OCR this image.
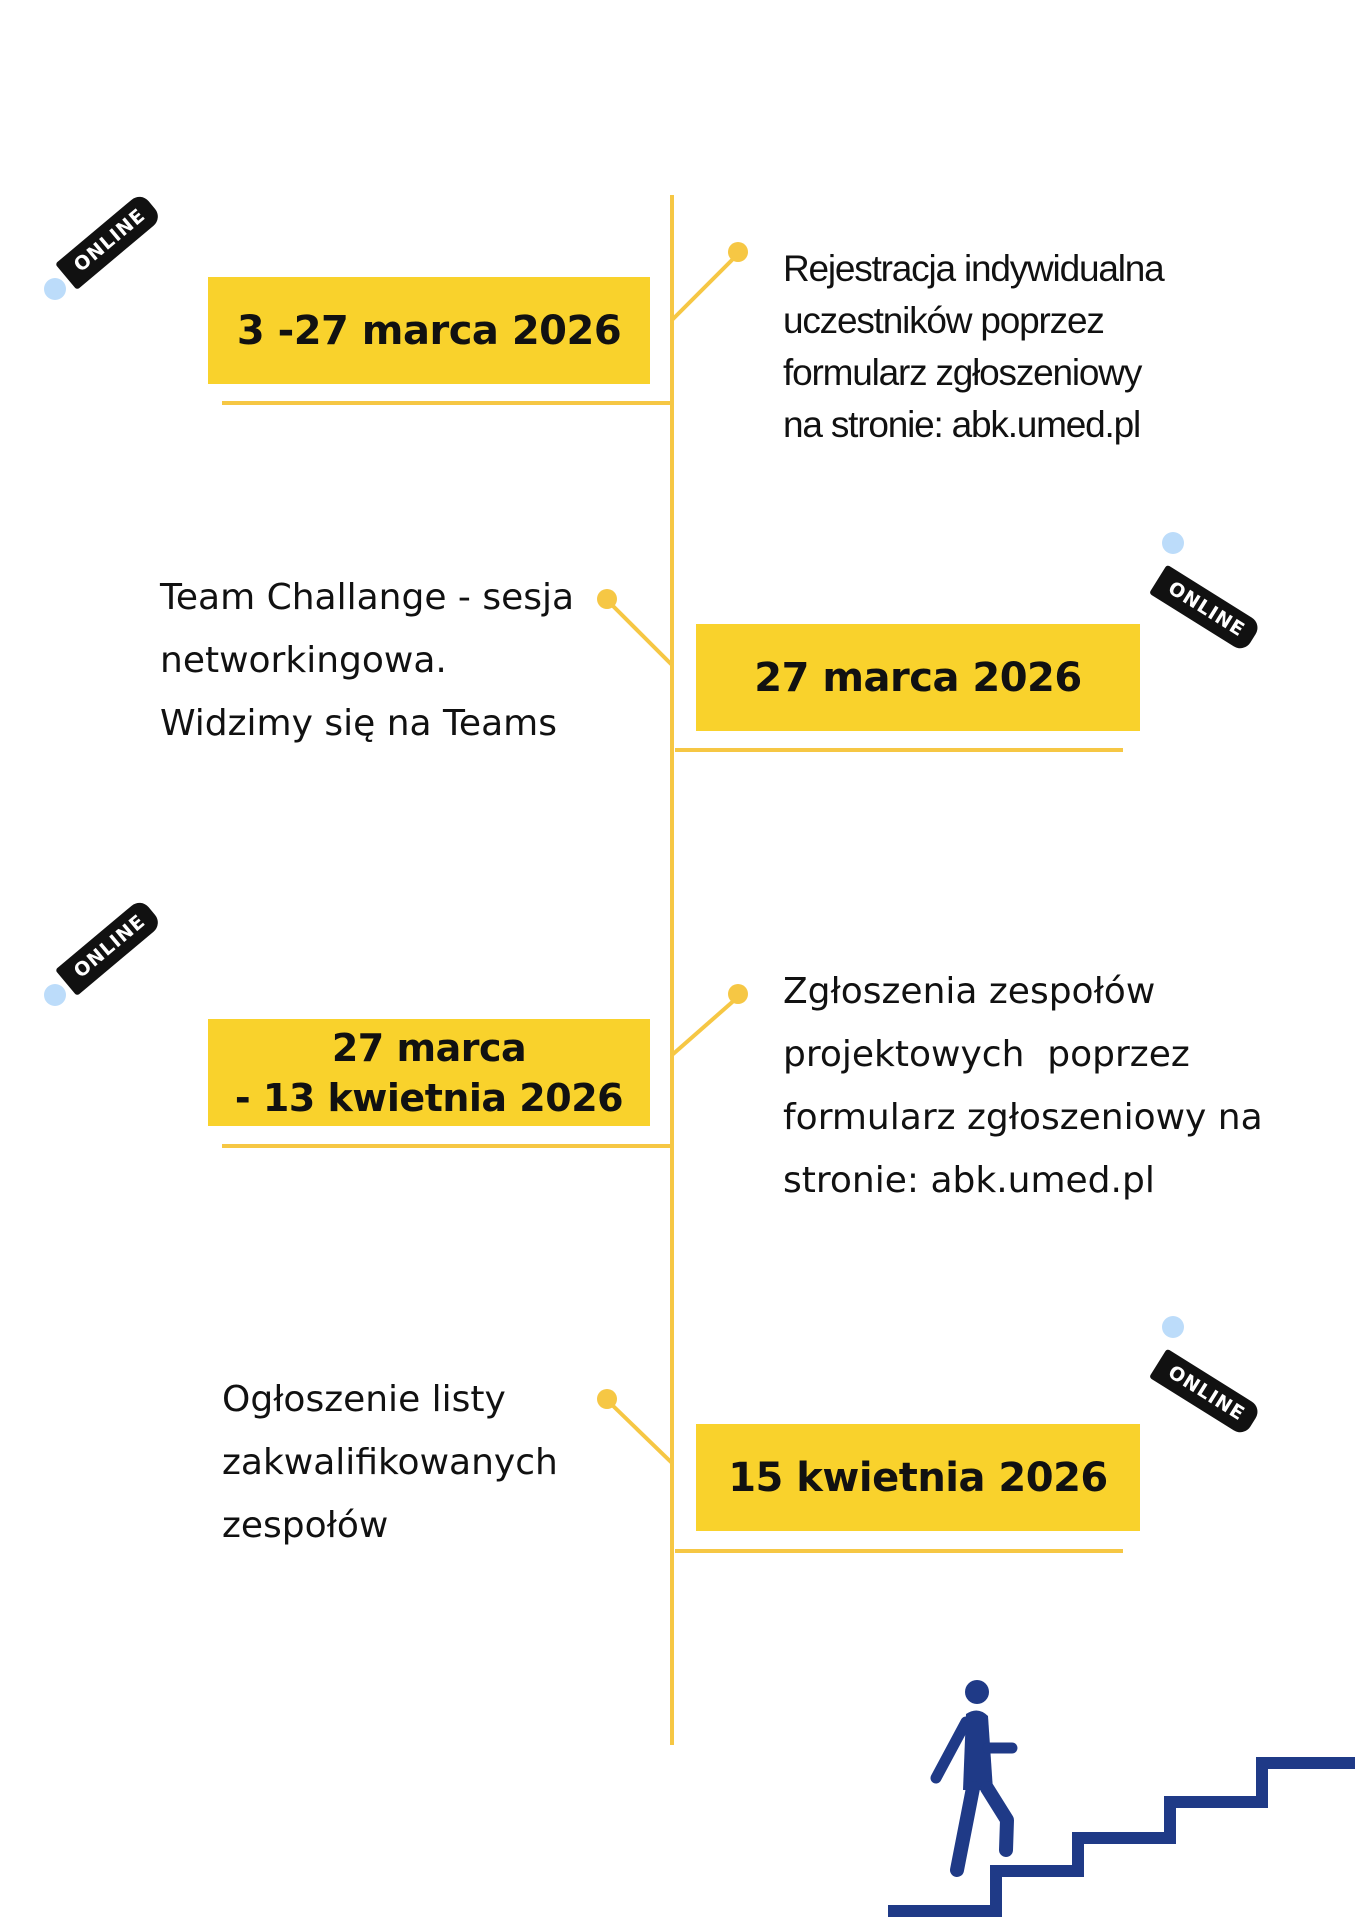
3 -27 marca 2026
Rejestracja indywidualna
uczestników poprzez
formularz zgłoszeniowy
na stronie: abk.umed.pl
27 marca 2026
Team Challange - sesja
networkingowa.
Widzimy się na Teams
27 marca
- 13 kwietnia 2026
Zgłoszenia zespołów
projektowych  poprzez
formularz zgłoszeniowy na
stronie: abk.umed.pl
15 kwietnia 2026
Ogłoszenie listy
zakwalifikowanych
zespołów
ONLINE
ONLINE
ONLINE
ONLINE
